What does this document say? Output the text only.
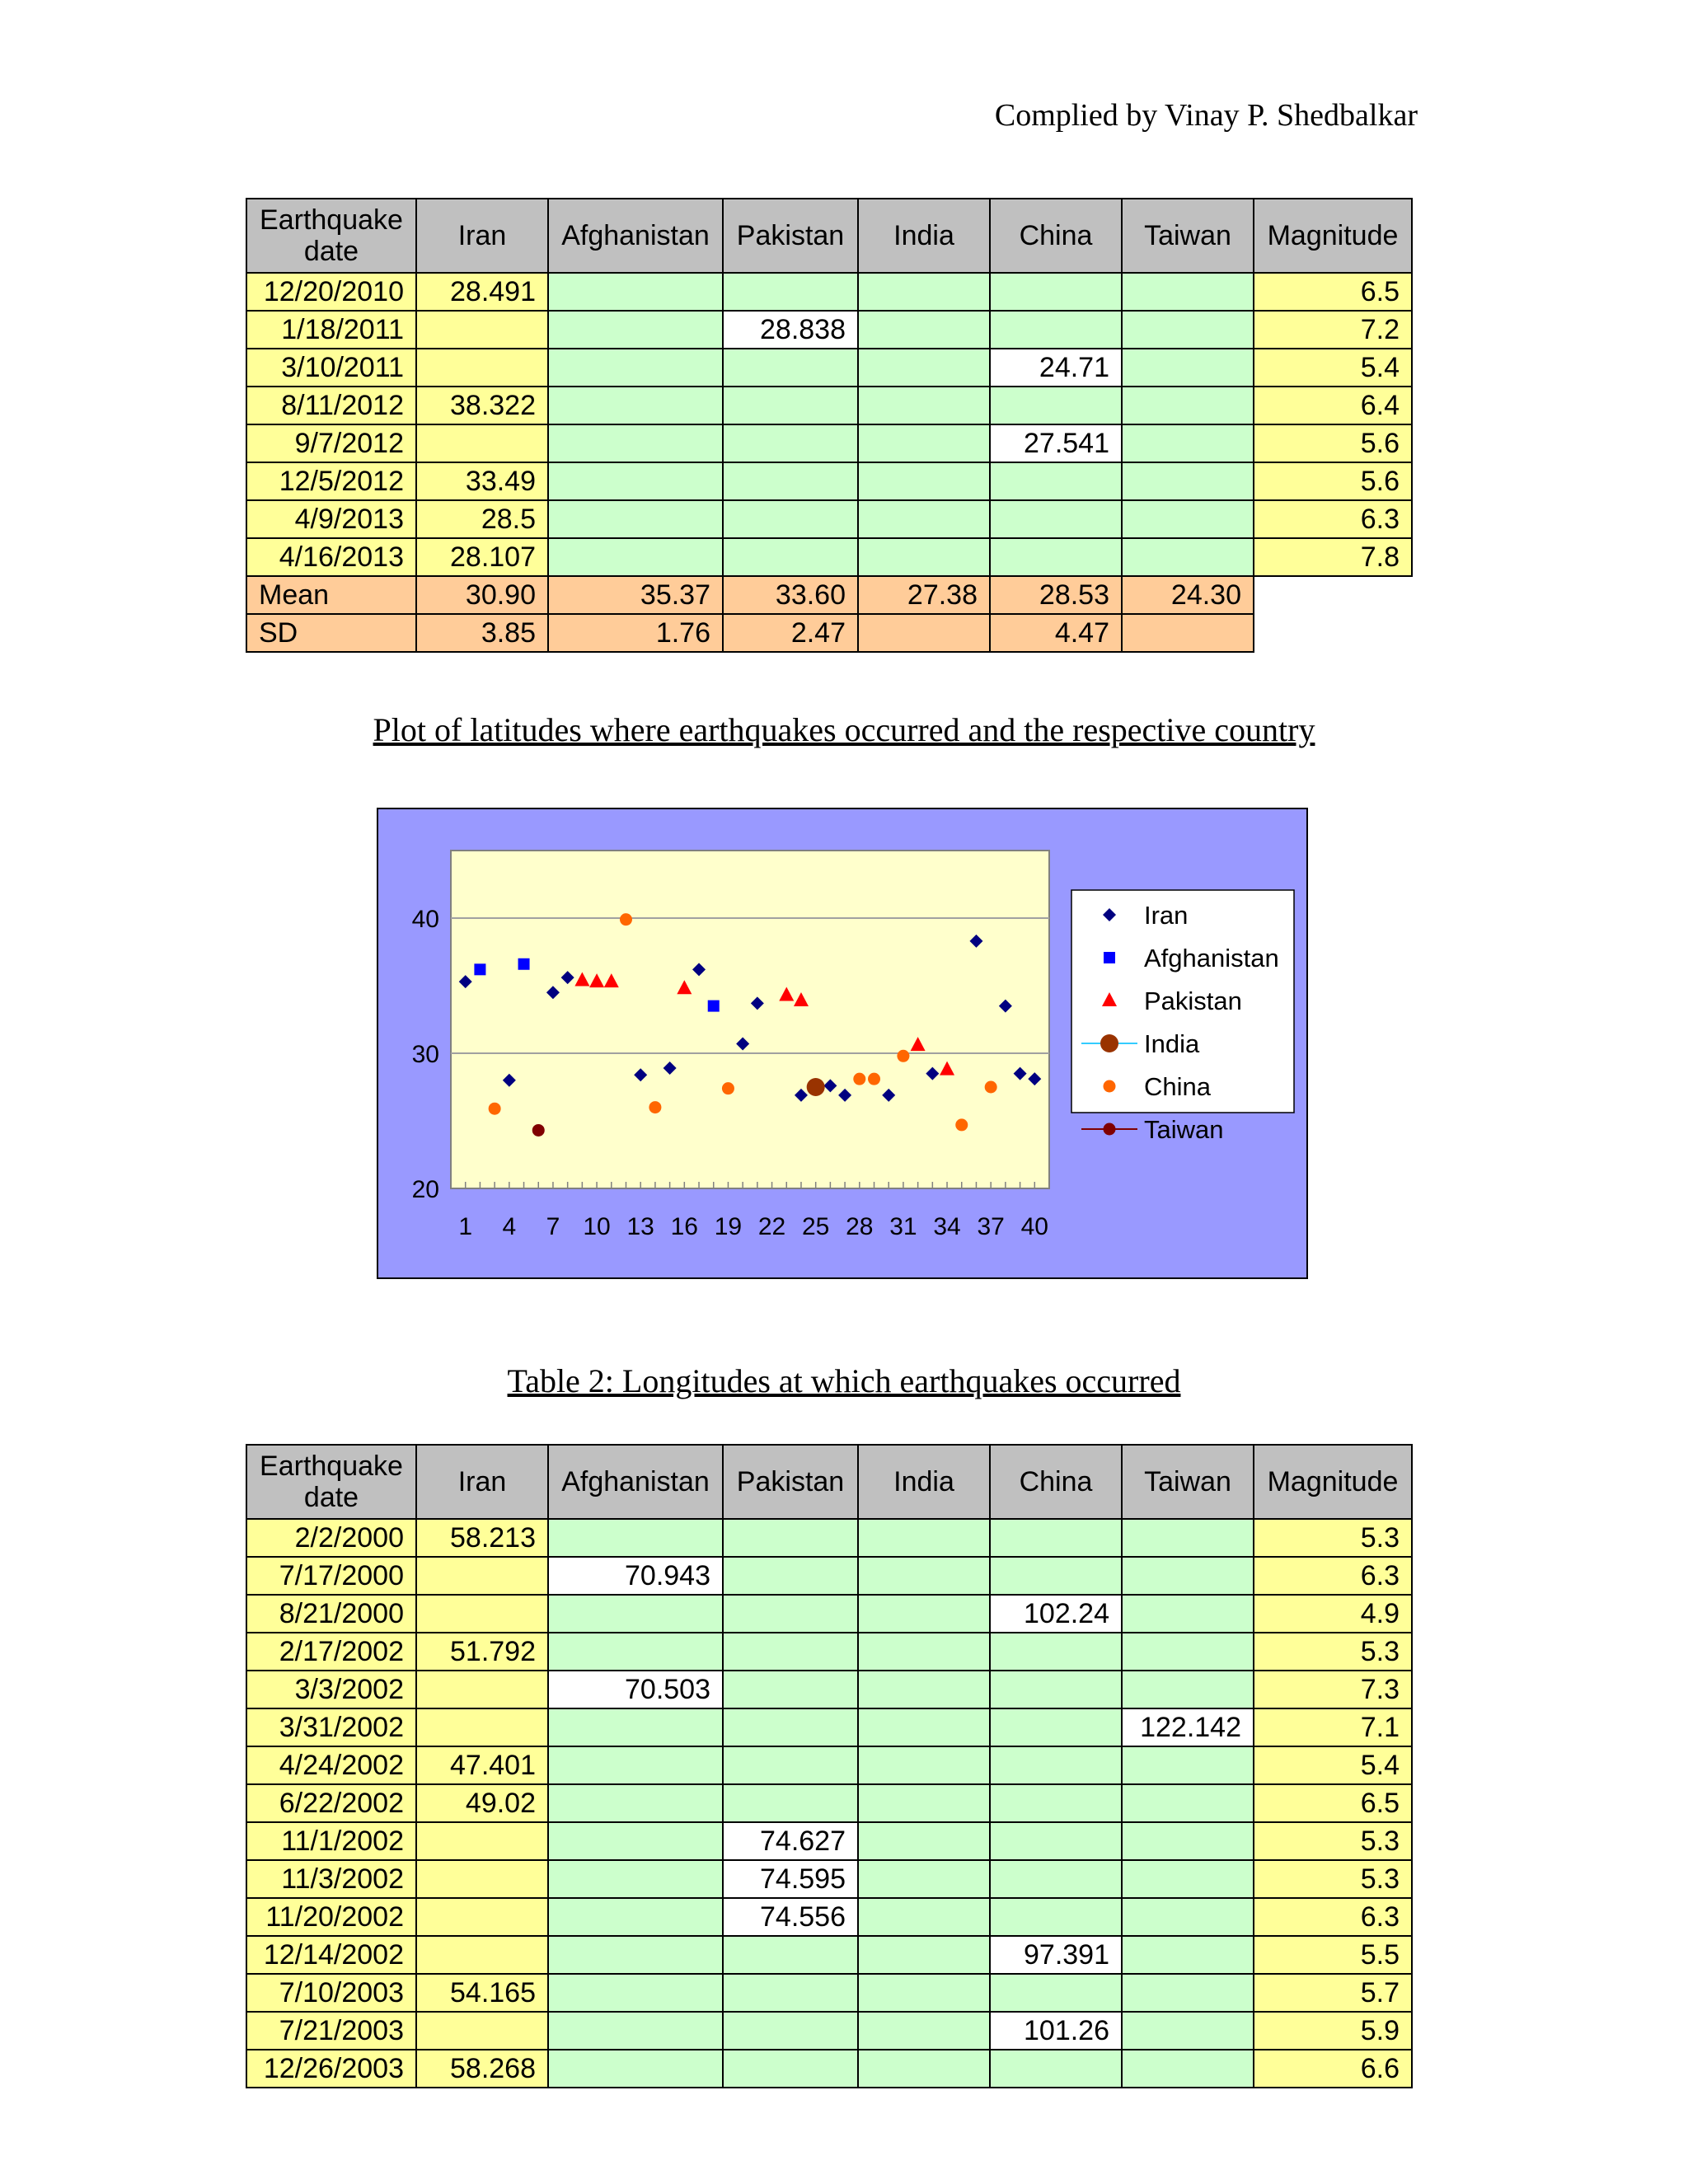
Complied by Vinay P. Shedbalkar
Earthquake date	Iran	Afghanistan	Pakistan	India	China	Taiwan	Magnitude
12/20/2010	28.491						6.5
1/18/2011			28.838				7.2
3/10/2011					24.71		5.4
8/11/2012	38.322						6.4
9/7/2012					27.541		5.6
12/5/2012	33.49						5.6
4/9/2013	28.5						6.3
4/16/2013	28.107						7.8
Mean	30.90	35.37	33.60	27.38	28.53	24.30	
SD	3.85	1.76	2.47		4.47		
Plot of latitudes where earthquakes occurred and the respective country
20
30
40
1 4 7 10 13 16 19 22 25 28 31 34 37 40
Iran
Afghanistan
Pakistan
India
China
Taiwan
Table 2: Longitudes at which earthquakes occurred
Earthquake date	Iran	Afghanistan	Pakistan	India	China	Taiwan	Magnitude
2/2/2000	58.213						5.3
7/17/2000		70.943					6.3
8/21/2000					102.24		4.9
2/17/2002	51.792						5.3
3/3/2002		70.503					7.3
3/31/2002						122.142	7.1
4/24/2002	47.401						5.4
6/22/2002	49.02						6.5
11/1/2002			74.627				5.3
11/3/2002			74.595				5.3
11/20/2002			74.556				6.3
12/14/2002					97.391		5.5
7/10/2003	54.165						5.7
7/21/2003					101.26		5.9
12/26/2003	58.268						6.6
